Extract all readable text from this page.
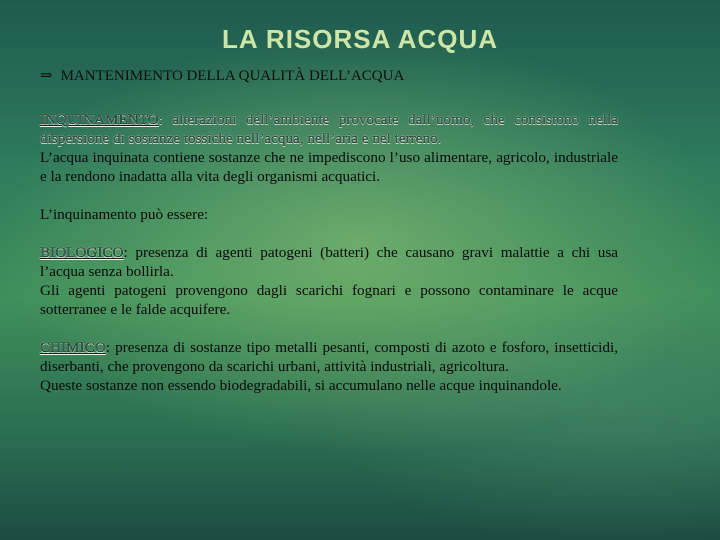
LA RISORSA ACQUA
⇒ MANTENIMENTO DELLA QUALITÀ DELL’ACQUA

INQUINAMENTO: alterazioni dell’ambiente provocate dall’uomo, che consistono nella dispersione di sostanze tossiche nell’acqua, nell’aria e nel terreno.

L’acqua inquinata contiene sostanze che ne impediscono l’uso alimentare, agricolo, industriale e la rendono inadatta alla vita degli organismi acquatici.

L’inquinamento può essere:

BIOLOGICO: presenza di agenti patogeni (batteri) che causano gravi malattie a chi usa l’acqua senza bollirla.

Gli agenti patogeni provengono dagli scarichi fognari e possono contaminare le acque sotterranee e le falde acquifere.

CHIMICO: presenza di sostanze tipo metalli pesanti, composti di azoto e fosforo, insetticidi, diserbanti, che provengono da scarichi urbani, attività industriali, agricoltura.

Queste sostanze non essendo biodegradabili, si accumulano nelle acque inquinandole.
